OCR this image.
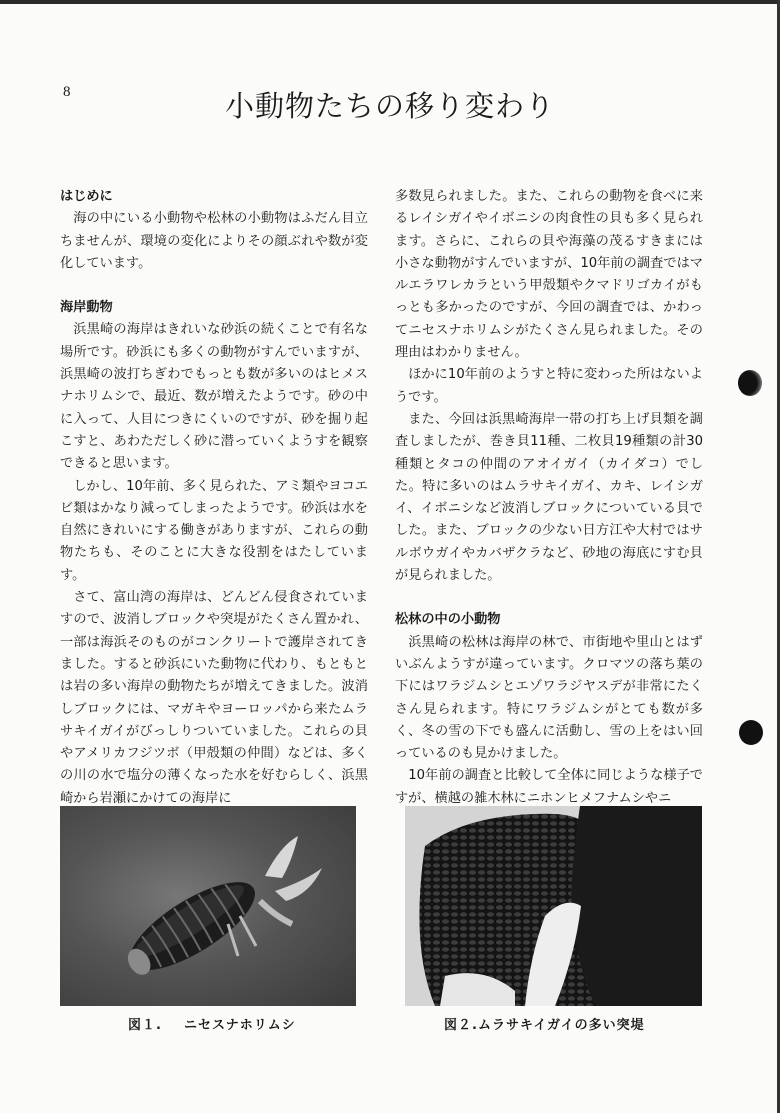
8	小動物たちの移り変わり
はじめに

海の中にいる小動物や松林の小動物はふだん目立ちませんが、環境の変化によりその顔ぶれや数が変化しています。

海岸動物

浜黒崎の海岸はきれいな砂浜の続くことで有名な場所です。砂浜にも多くの動物がすんでいますが、浜黒崎の波打ちぎわでもっとも数が多いのはヒメスナホリムシで、最近、数が増えたようです。砂の中に入って、人目につきにくいのですが、砂を掘り起こすと、あわただしく砂に潜っていくようすを観察できると思います。

しかし、10年前、多く見られた、アミ類やヨコエビ類はかなり減ってしまったようです。砂浜は水を自然にきれいにする働きがありますが、これらの動物たちも、そのことに大きな役割をはたしています。

さて、富山湾の海岸は、どんどん侵食されていますので、波消しブロックや突堤がたくさん置かれ、一部は海浜そのものがコンクリートで護岸されてきました。すると砂浜にいた動物に代わり、もともとは岩の多い海岸の動物たちが増えてきました。波消しブロックには、マガキやヨーロッパから来たムラサキイガイがびっしりついていました。これらの貝やアメリカフジツボ（甲殻類の仲間）などは、多くの川の水で塩分の薄くなった水を好むらしく、浜黒崎から岩瀬にかけての海岸に

多数見られました。また、これらの動物を食べに来るレイシガイやイボニシの肉食性の貝も多く見られます。さらに、これらの貝や海藻の茂るすきまには小さな動物がすんでいますが、10年前の調査ではマルエラワレカラという甲殻類やクマドリゴカイがもっとも多かったのですが、今回の調査では、かわってニセスナホリムシがたくさん見られました。その理由はわかりません。

ほかに10年前のようすと特に変わった所はないようです。

また、今回は浜黒崎海岸一帯の打ち上げ貝類を調査しましたが、巻き貝11種、二枚貝19種類の計30種類とタコの仲間のアオイガイ（カイダコ）でした。特に多いのはムラサキイガイ、カキ、レイシガイ、イボニシなど波消しブロックについている貝でした。また、ブロックの少ない日方江や大村ではサルボウガイやカバザクラなど、砂地の海底にすむ貝が見られました。

松林の中の小動物

浜黒崎の松林は海岸の林で、市街地や里山とはずいぶんようすが違っています。クロマツの落ち葉の下にはワラジムシとエゾワラジヤスデが非常にたくさん見られます。特にワラジムシがとても数が多く、冬の雪の下でも盛んに活動し、雪の上をはい回っているのも見かけました。

10年前の調査と比較して全体に同じような様子ですが、横越の雑木林にニホンヒメフナムシやニ

図１. ニセスナホリムシ	図２.ムラサキイガイの多い突堤
